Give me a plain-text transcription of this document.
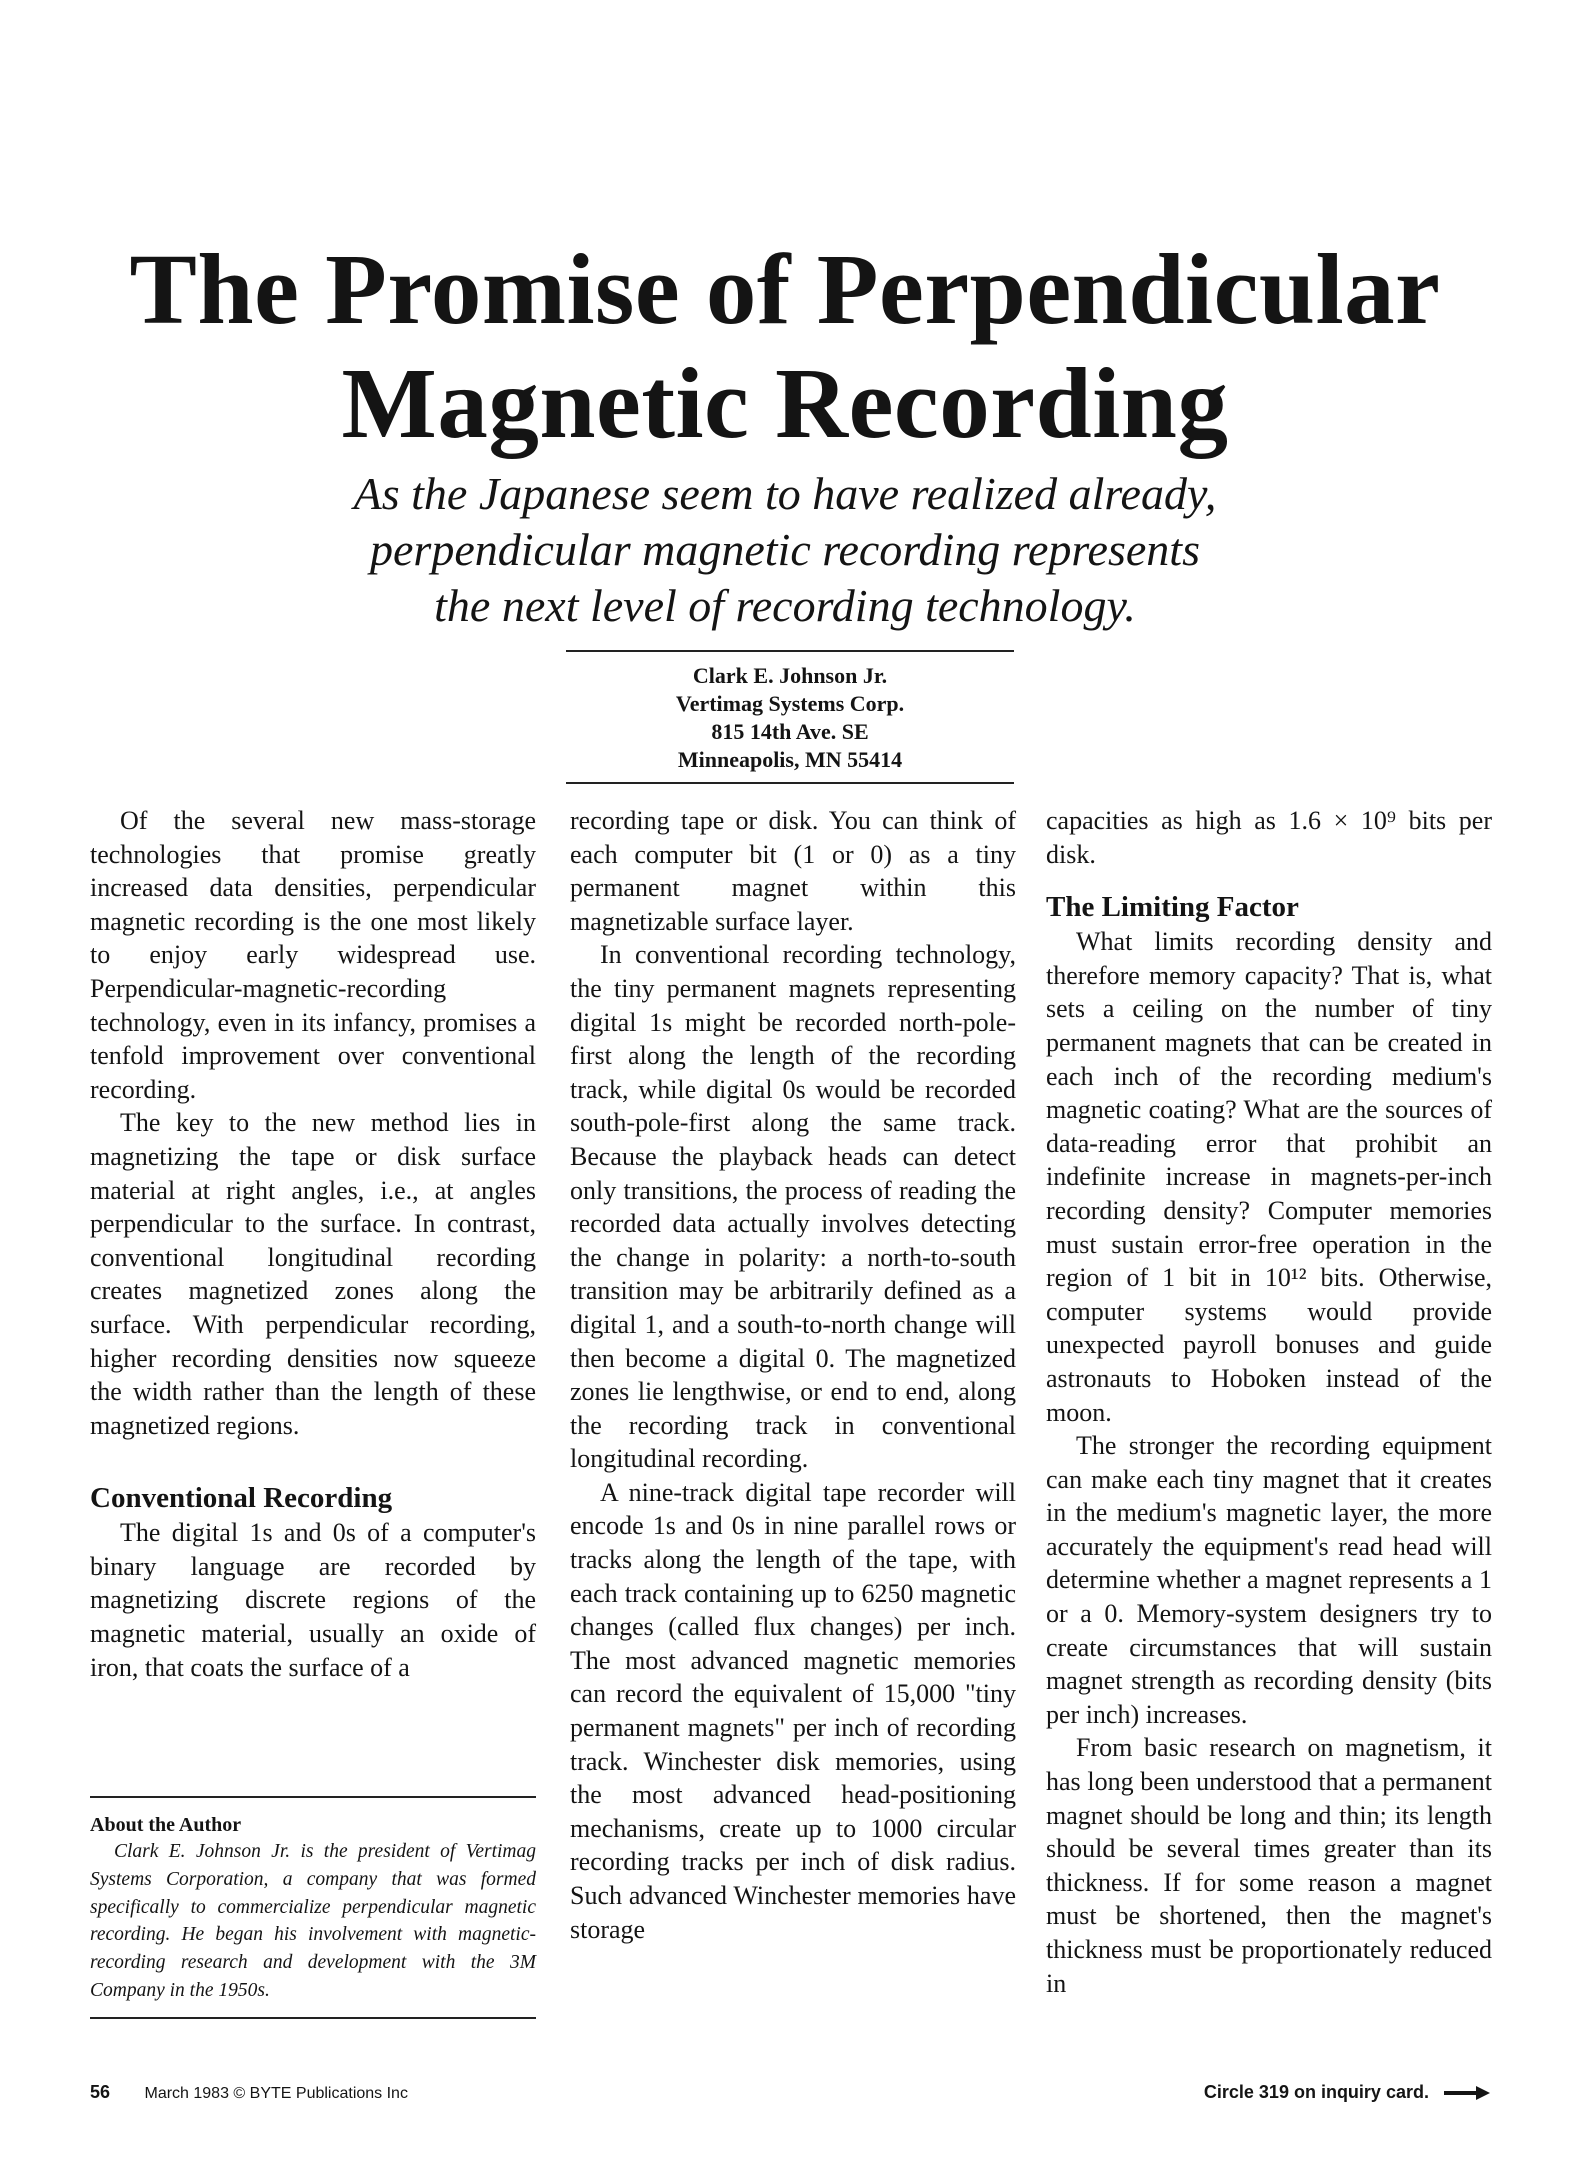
The Promise of Perpendicular
Magnetic Recording
As the Japanese seem to have realized already,
perpendicular magnetic recording represents
the next level of recording technology.
Clark E. Johnson Jr.
Vertimag Systems Corp.
815 14th Ave. SE
Minneapolis, MN 55414

Of the several new mass-storage technologies that promise greatly increased data densities, perpendicular magnetic recording is the one most likely to enjoy early widespread use. Perpendicular-magnetic-recording technology, even in its infancy, promises a tenfold improvement over conventional recording.

The key to the new method lies in magnetizing the tape or disk surface material at right angles, i.e., at angles perpendicular to the surface. In contrast, conventional longitudinal recording creates magnetized zones along the surface. With perpendicular recording, higher recording densities now squeeze the width rather than the length of these magnetized regions.

Conventional Recording

The digital 1s and 0s of a computer's binary language are recorded by magnetizing discrete regions of the magnetic material, usually an oxide of iron, that coats the surface of a

About the Author

Clark E. Johnson Jr. is the president of Vertimag Systems Corporation, a company that was formed specifically to commercialize perpendicular magnetic recording. He began his involvement with magnetic-recording research and development with the 3M Company in the 1950s.

recording tape or disk. You can think of each computer bit (1 or 0) as a tiny permanent magnet within this magnetizable surface layer.

In conventional recording technology, the tiny permanent magnets representing digital 1s might be recorded north-pole-first along the length of the recording track, while digital 0s would be recorded south-pole-first along the same track. Because the playback heads can detect only transitions, the process of reading the recorded data actually involves detecting the change in polarity: a north-to-south transition may be arbitrarily defined as a digital 1, and a south-to-north change will then become a digital 0. The magnetized zones lie lengthwise, or end to end, along the recording track in conventional longitudinal recording.

A nine-track digital tape recorder will encode 1s and 0s in nine parallel rows or tracks along the length of the tape, with each track containing up to 6250 magnetic changes (called flux changes) per inch. The most advanced magnetic memories can record the equivalent of 15,000 "tiny permanent magnets" per inch of recording track. Winchester disk memories, using the most advanced head-positioning mechanisms, create up to 1000 circular recording tracks per inch of disk radius. Such advanced Winchester memories have storage

capacities as high as 1.6 × 10⁹ bits per disk.

The Limiting Factor

What limits recording density and therefore memory capacity? That is, what sets a ceiling on the number of tiny permanent magnets that can be created in each inch of the recording medium's magnetic coating? What are the sources of data-reading error that prohibit an indefinite increase in magnets-per-inch recording density? Computer memories must sustain error-free operation in the region of 1 bit in 10¹² bits. Otherwise, computer systems would provide unexpected payroll bonuses and guide astronauts to Hoboken instead of the moon.

The stronger the recording equipment can make each tiny magnet that it creates in the medium's magnetic layer, the more accurately the equipment's read head will determine whether a magnet represents a 1 or a 0. Memory-system designers try to create circumstances that will sustain magnet strength as recording density (bits per inch) increases.

From basic research on magnetism, it has long been understood that a permanent magnet should be long and thin; its length should be several times greater than its thickness. If for some reason a magnet must be shortened, then the magnet's thickness must be proportionately reduced in

56 March 1983 © BYTE Publications Inc	Circle 319 on inquiry card.
